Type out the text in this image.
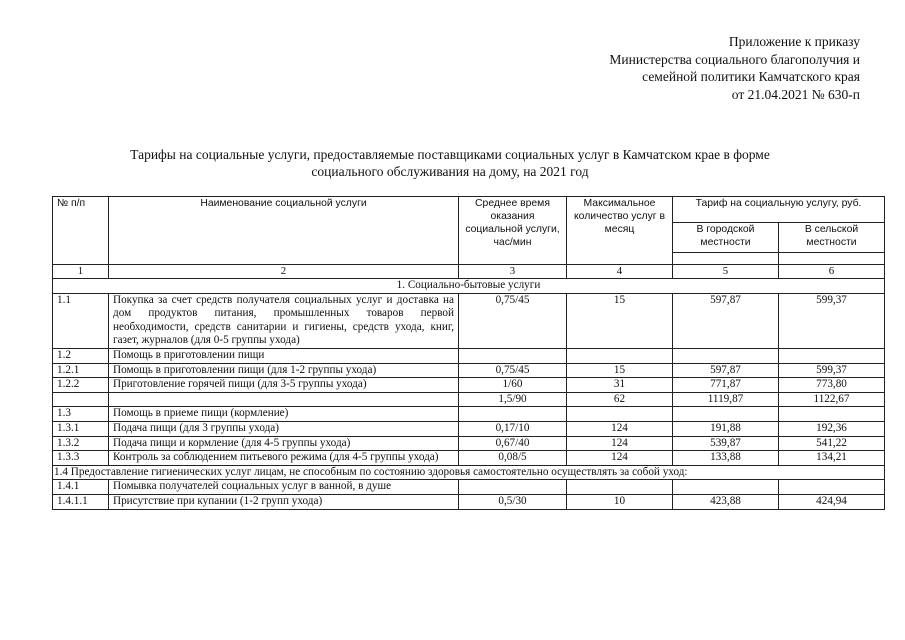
Приложение к приказу
Министерства социального благополучия и
семейной политики Камчатского края
от 21.04.2021 № 630-п
Тарифы на социальные услуги, предоставляемые поставщиками социальных услуг в Камчатском крае в форме
социального обслуживания на дому, на 2021 год
№ п/п	Наименование социальной услуги	Среднее время оказания социальной услуги, час/мин	Максимальное количество услуг в месяц	Тариф на социальную услугу, руб.	
				В городской местности	В сельской местности

1	2	3	4	5	6
1. Социально-бытовые услуги					
1.1	Покупка за счет средств получателя социальных услуг и доставка на дом продуктов питания, промышленных товаров первой необходимости, средств санитарии и гигиены, средств ухода, книг, газет, журналов (для 0-5 группы ухода)	0,75/45	15	597,87	599,37
1.2	Помощь в приготовлении пищи				
1.2.1	Помощь в приготовлении пищи (для 1-2 группы ухода)	0,75/45	15	597,87	599,37
1.2.2	Приготовление горячей пищи (для 3-5 группы ухода)	1/60	31	771,87	773,80
		1,5/90	62	1119,87	1122,67
1.3	Помощь в приеме пищи (кормление)				
1.3.1	Подача пищи (для 3 группы ухода)	0,17/10	124	191,88	192,36
1.3.2	Подача пищи и кормление (для 4-5 группы ухода)	0,67/40	124	539,87	541,22
1.3.3	Контроль за соблюдением питьевого режима (для 4-5 группы ухода)	0,08/5	124	133,88	134,21
1.4 Предоставление гигиенических услуг лицам, не способным по состоянию здоровья самостоятельно осуществлять за собой уход:					
1.4.1	Помывка получателей социальных услуг в ванной, в душе				
1.4.1.1	Присутствие при купании (1-2 групп ухода)	0,5/30	10	423,88	424,94
